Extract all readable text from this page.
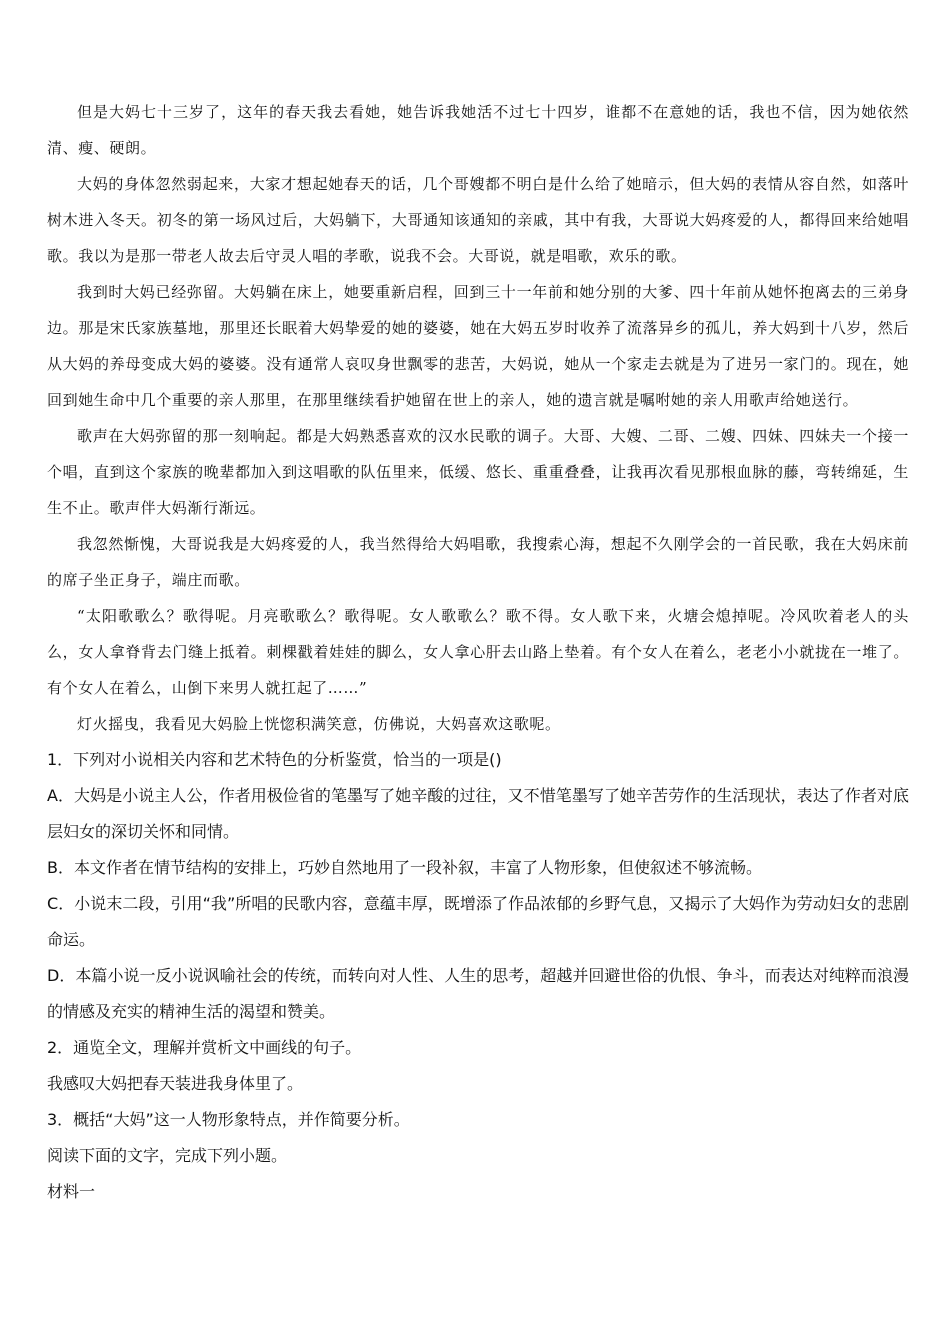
但是大妈七十三岁了，这年的春天我去看她，她告诉我她活不过七十四岁，谁都不在意她的话，我也不信，因为她依然清、瘦、硬朗。

大妈的身体忽然弱起来，大家才想起她春天的话，几个哥嫂都不明白是什么给了她暗示，但大妈的表情从容自然，如落叶树木进入冬天。初冬的第一场风过后，大妈躺下，大哥通知该通知的亲戚，其中有我，大哥说大妈疼爱的人，都得回来给她唱歌。我以为是那一带老人故去后守灵人唱的孝歌，说我不会。大哥说，就是唱歌，欢乐的歌。

我到时大妈已经弥留。大妈躺在床上，她要重新启程，回到三十一年前和她分别的大爹、四十年前从她怀抱离去的三弟身边。那是宋氏家族墓地，那里还长眠着大妈挚爱的她的婆婆，她在大妈五岁时收养了流落异乡的孤儿，养大妈到十八岁，然后从大妈的养母变成大妈的婆婆。没有通常人哀叹身世飘零的悲苦，大妈说，她从一个家走去就是为了进另一家门的。现在，她回到她生命中几个重要的亲人那里，在那里继续看护她留在世上的亲人，她的遗言就是嘱咐她的亲人用歌声给她送行。

歌声在大妈弥留的那一刻响起。都是大妈熟悉喜欢的汉水民歌的调子。大哥、大嫂、二哥、二嫂、四妹、四妹夫一个接一个唱，直到这个家族的晚辈都加入到这唱歌的队伍里来，低缓、悠长、重重叠叠，让我再次看见那根血脉的藤，弯转绵延，生生不止。歌声伴大妈渐行渐远。

我忽然惭愧，大哥说我是大妈疼爱的人，我当然得给大妈唱歌，我搜索心海，想起不久刚学会的一首民歌，我在大妈床前的席子坐正身子，端庄而歌。

“太阳歌歌么？歌得呢。月亮歌歌么？歌得呢。女人歌歌么？歌不得。女人歌下来，火塘会熄掉呢。冷风吹着老人的头么，女人拿脊背去门缝上抵着。刺棵戳着娃娃的脚么，女人拿心肝去山路上垫着。有个女人在着么，老老小小就拢在一堆了。有个女人在着么，山倒下来男人就扛起了……”

灯火摇曳，我看见大妈脸上恍惚积满笑意，仿佛说，大妈喜欢这歌呢。

1．下列对小说相关内容和艺术特色的分析鉴赏，恰当的一项是()

A．大妈是小说主人公，作者用极俭省的笔墨写了她辛酸的过往，又不惜笔墨写了她辛苦劳作的生活现状，表达了作者对底层妇女的深切关怀和同情。

B．本文作者在情节结构的安排上，巧妙自然地用了一段补叙，丰富了人物形象，但使叙述不够流畅。

C．小说末二段，引用“我”所唱的民歌内容，意蕴丰厚，既增添了作品浓郁的乡野气息，又揭示了大妈作为劳动妇女的悲剧命运。

D．本篇小说一反小说讽喻社会的传统，而转向对人性、人生的思考，超越并回避世俗的仇恨、争斗，而表达对纯粹而浪漫的情感及充实的精神生活的渴望和赞美。

2．通览全文，理解并赏析文中画线的句子。

我感叹大妈把春天装进我身体里了。

3．概括“大妈”这一人物形象特点，并作简要分析。

阅读下面的文字，完成下列小题。

材料一
